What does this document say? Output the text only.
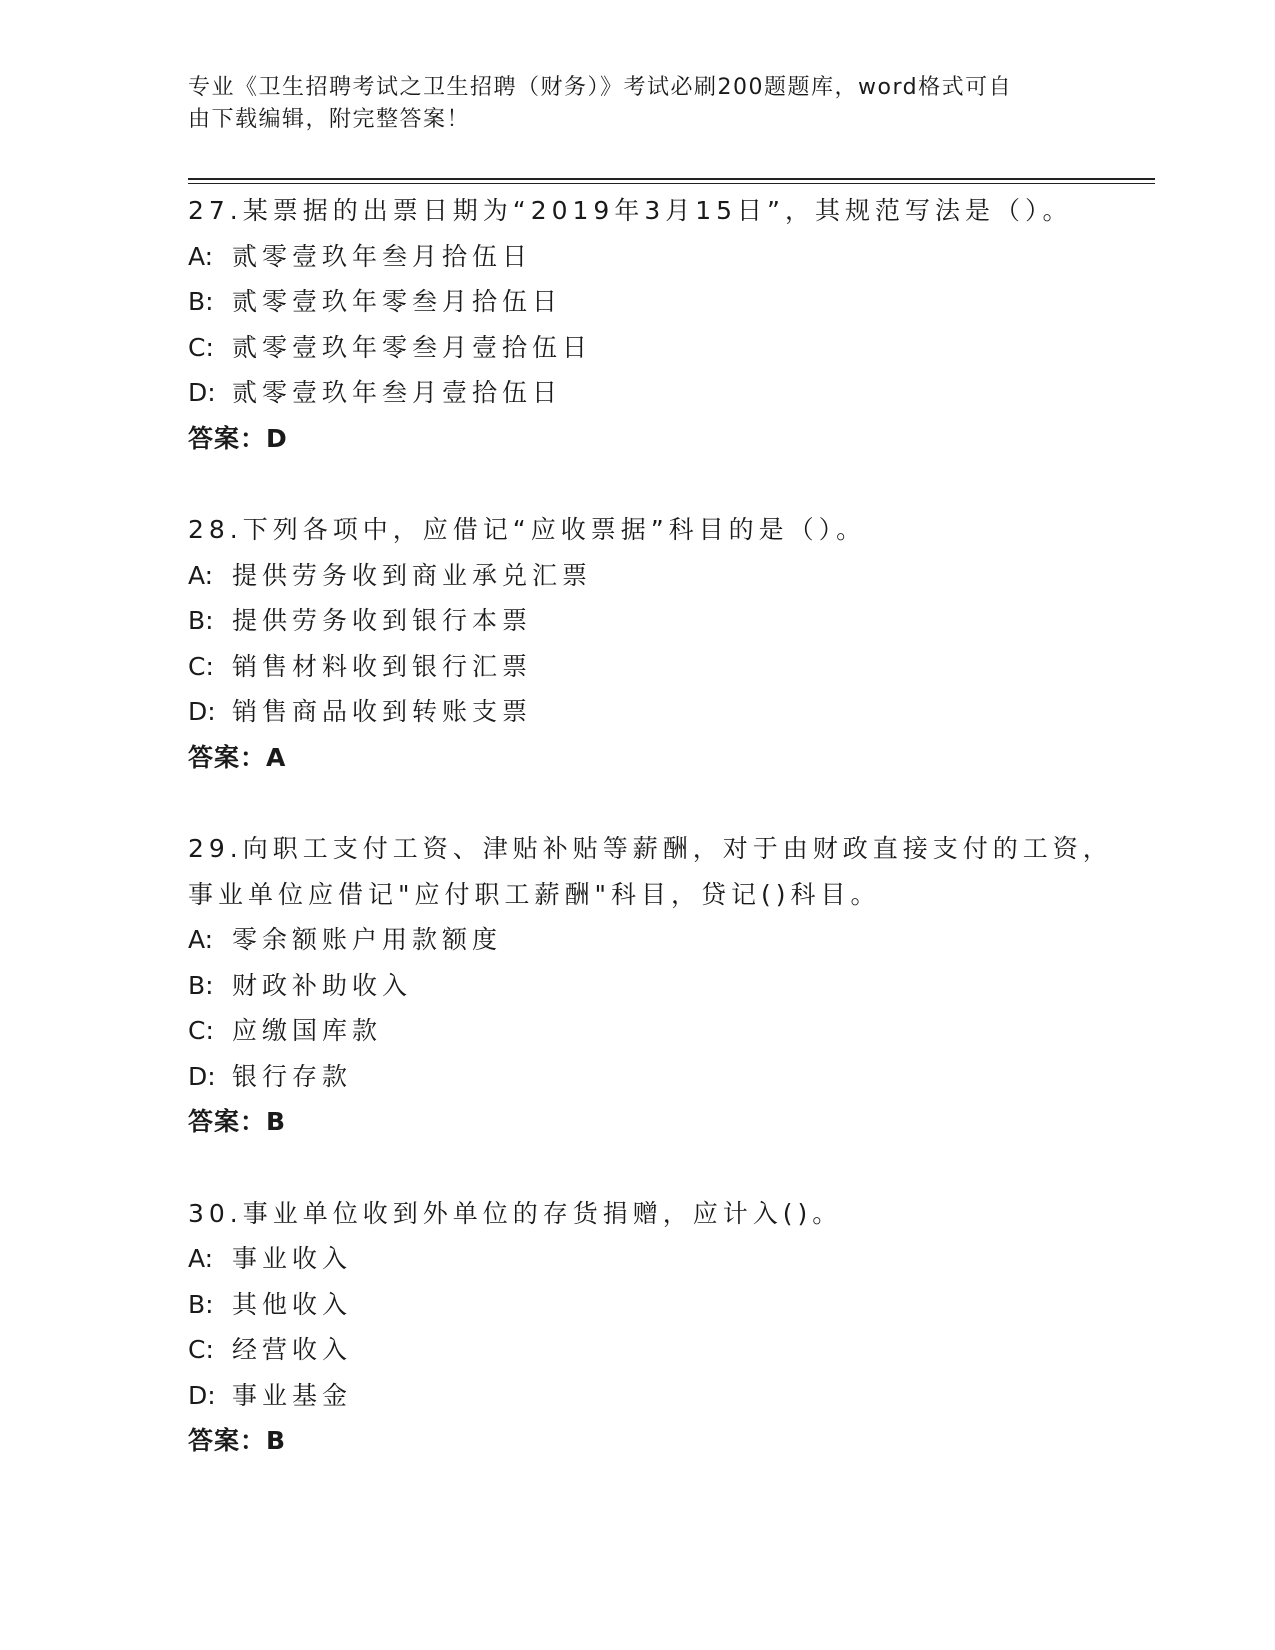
专业《卫生招聘考试之卫生招聘（财务）》考试必刷200题题库，word格式可自
由下载编辑，附完整答案！
27.某票据的出票日期为“2019年3月15日”，其规范写法是（）。
A: 贰零壹玖年叁月拾伍日
B: 贰零壹玖年零叁月拾伍日
C: 贰零壹玖年零叁月壹拾伍日
D: 贰零壹玖年叁月壹拾伍日
答案：D
28.下列各项中，应借记“应收票据”科目的是（）。
A: 提供劳务收到商业承兑汇票
B: 提供劳务收到银行本票
C: 销售材料收到银行汇票
D: 销售商品收到转账支票
答案：A
29.向职工支付工资、津贴补贴等薪酬，对于由财政直接支付的工资，
事业单位应借记"应付职工薪酬"科目，贷记()科目。
A: 零余额账户用款额度
B: 财政补助收入
C: 应缴国库款
D: 银行存款
答案：B
30.事业单位收到外单位的存货捐赠，应计入()。
A: 事业收入
B: 其他收入
C: 经营收入
D: 事业基金
答案：B
